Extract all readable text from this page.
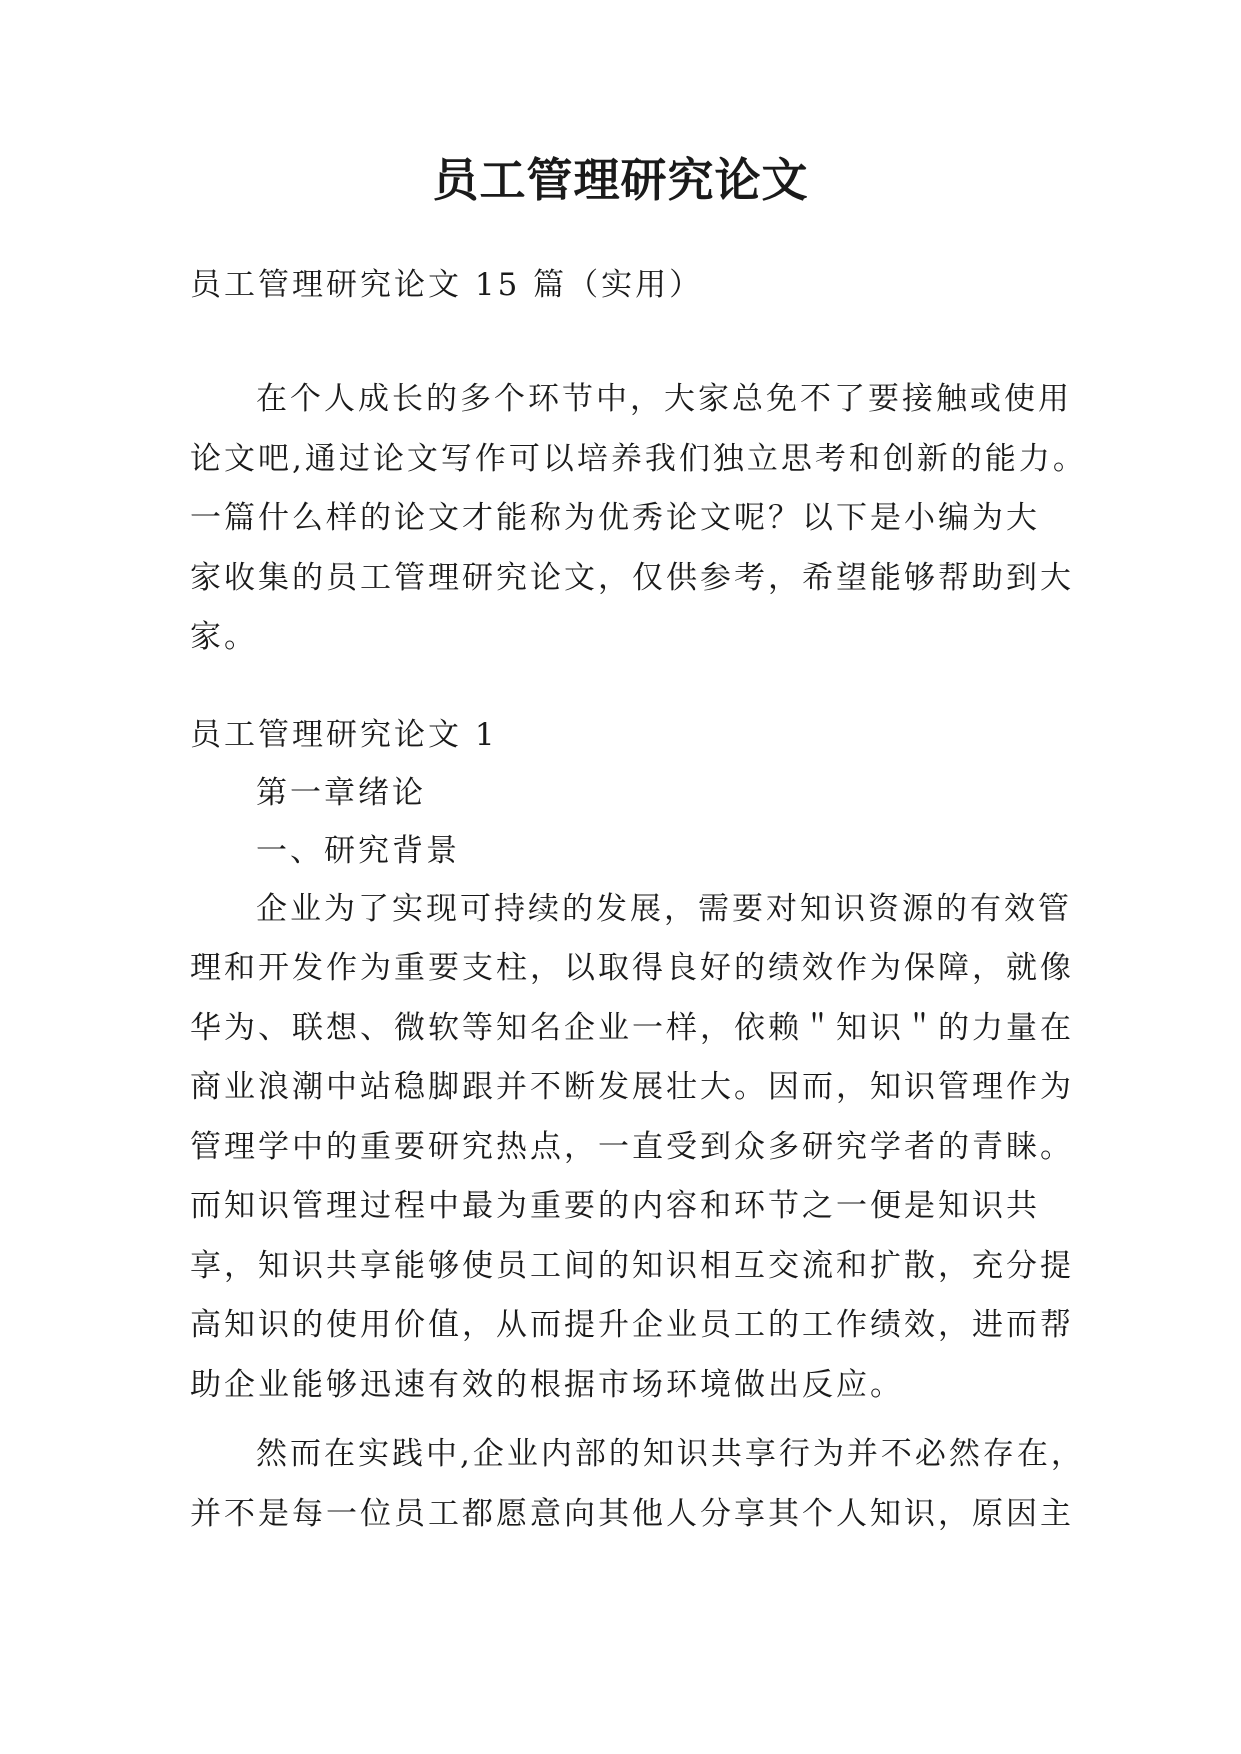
员工管理研究论文
员工管理研究论文 15 篇（实用）
在个人成长的多个环节中，大家总免不了要接触或使用
论文吧,通过论文写作可以培养我们独立思考和创新的能力。
一篇什么样的论文才能称为优秀论文呢？以下是小编为大
家收集的员工管理研究论文，仅供参考，希望能够帮助到大
家。
员工管理研究论文 1
第一章绪论
一、研究背景
企业为了实现可持续的发展，需要对知识资源的有效管
理和开发作为重要支柱，以取得良好的绩效作为保障，就像
华为、联想、微软等知名企业一样，依赖＂知识＂的力量在
商业浪潮中站稳脚跟并不断发展壮大。因而，知识管理作为
管理学中的重要研究热点，一直受到众多研究学者的青睐。
而知识管理过程中最为重要的内容和环节之一便是知识共
享，知识共享能够使员工间的知识相互交流和扩散，充分提
高知识的使用价值，从而提升企业员工的工作绩效，进而帮
助企业能够迅速有效的根据市场环境做出反应。
然而在实践中,企业内部的知识共享行为并不必然存在，
并不是每一位员工都愿意向其他人分享其个人知识，原因主
